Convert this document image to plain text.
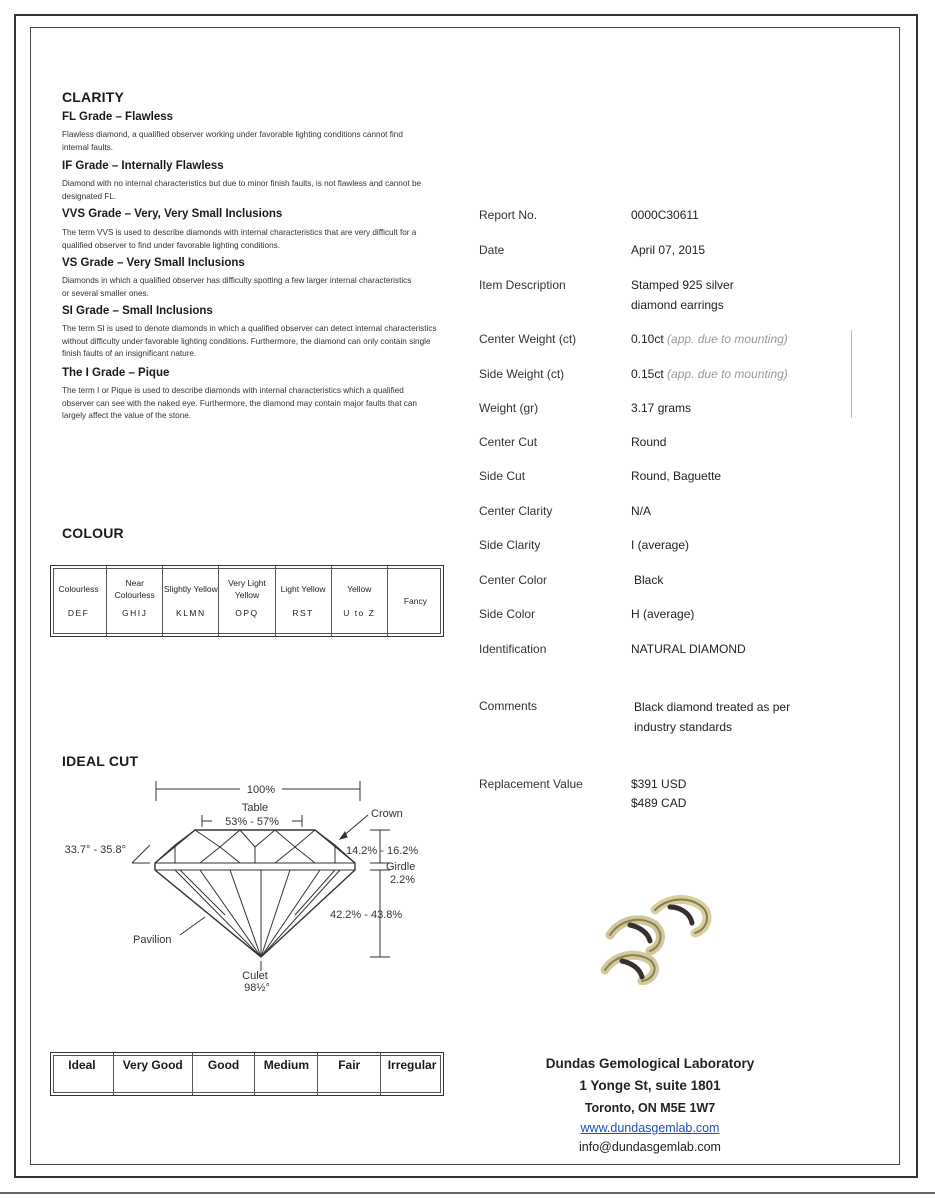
CLARITY
FL Grade – Flawless
Flawless diamond, a qualified observer working under favorable lighting conditions cannot find internal faults.
IF Grade – Internally Flawless
Diamond with no internal characteristics but due to minor finish faults, is not flawless and cannot be designated FL.
VVS Grade – Very, Very Small Inclusions
The term VVS is used to describe diamonds with internal characteristics that are very difficult for a qualified observer to find under favorable lighting conditions.
VS Grade – Very Small Inclusions
Diamonds in which a qualified observer has difficulty spotting a few larger internal characteristics or several smaller ones.
SI Grade – Small Inclusions
The term SI is used to denote diamonds in which a qualified observer can detect internal characteristics without difficulty under favorable lighting conditions. Furthermore, the diamond can only contain single finish faults of an insignificant nature.
The I Grade – Pique
The term I or Pique is used to describe diamonds with internal characteristics which a qualified observer can see with the naked eye. Furthermore, the diamond may contain major faults that can largely affect the value of the stone.
COLOUR
Colourless
DEF
Near Colourless
GHIJ
Slightly Yellow
KLMN
Very Light Yellow
OPQ
Light Yellow
RST
Yellow
U to Z
Fancy
IDEAL CUT
100%
Table
53% - 57%
Crown
33.7° - 35.8°	14.2% - 16.2%
Girdle
2.2%
42.2% - 43.8%
Pavilion
Culet
98½°
Ideal	Very Good	Good	Medium	Fair	Irregular
Report No.	0000C30611
Date	April 07, 2015
Item Description	Stamped 925 silver
diamond earrings
Center Weight (ct)	0.10ct (app. due to mounting)
Side Weight (ct)	0.15ct (app. due to mounting)
Weight (gr)	3.17 grams
Center Cut	Round
Side Cut	Round, Baguette
Center Clarity	N/A
Side Clarity	I (average)
Center Color	Black
Side Color	H (average)
Identification	NATURAL DIAMOND
Comments	Black diamond treated as per
industry standards
Replacement Value	$391 USD
$489 CAD
Dundas Gemological Laboratory
1 Yonge St, suite 1801
Toronto, ON M5E 1W7
www.dundasgemlab.com
info@dundasgemlab.com
